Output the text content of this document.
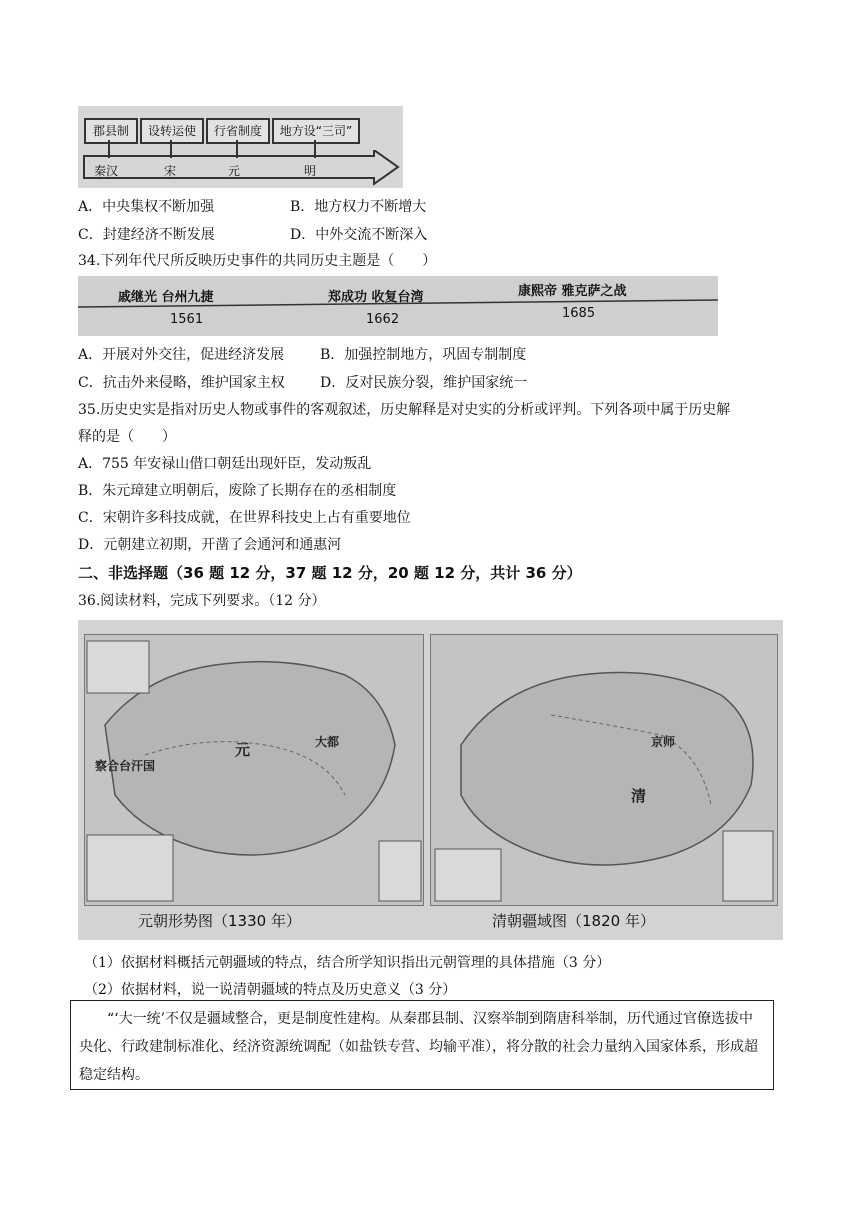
郡县制	设转运使	行省制度	地方设“三司”
秦汉	宋	元	明
A．中央集权不断加强	B．地方权力不断增大
C．封建经济不断发展	D．中外交流不断深入
34.下列年代尺所反映历史事件的共同历史主题是（　　）
戚继光 台州九捷
1561
郑成功 收复台湾
1662
康熙帝 雅克萨之战
1685
A．开展对外交往，促进经济发展	B．加强控制地方，巩固专制制度
C．抗击外来侵略，维护国家主权	D．反对民族分裂，维护国家统一
35.历史史实是指对历史人物或事件的客观叙述，历史解释是对史实的分析或评判。下列各项中属于历史解
释的是（　　）
A．755 年安禄山借口朝廷出现奸臣，发动叛乱
B．朱元璋建立明朝后，废除了长期存在的丞相制度
C．宋朝许多科技成就，在世界科技史上占有重要地位
D．元朝建立初期，开凿了会通河和通惠河
二、非选择题（36 题 12 分，37 题 12 分，20 题 12 分，共计 36 分）
36.阅读材料，完成下列要求。（12 分）
察合台汗国
元	大都
元朝形势图（1330 年）
清
京师
清朝疆域图（1820 年）
（1）依据材料概括元朝疆域的特点，结合所学知识指出元朝管理的具体措施（3 分）
（2）依据材料，说一说清朝疆域的特点及历史意义（3 分）
“‘大一统’不仅是疆域整合，更是制度性建构。从秦郡县制、汉察举制到隋唐科举制，历代通过官僚选拔中央化、行政建制标准化、经济资源统调配（如盐铁专营、均输平准），将分散的社会力量纳入国家体系，形成超稳定结构。
